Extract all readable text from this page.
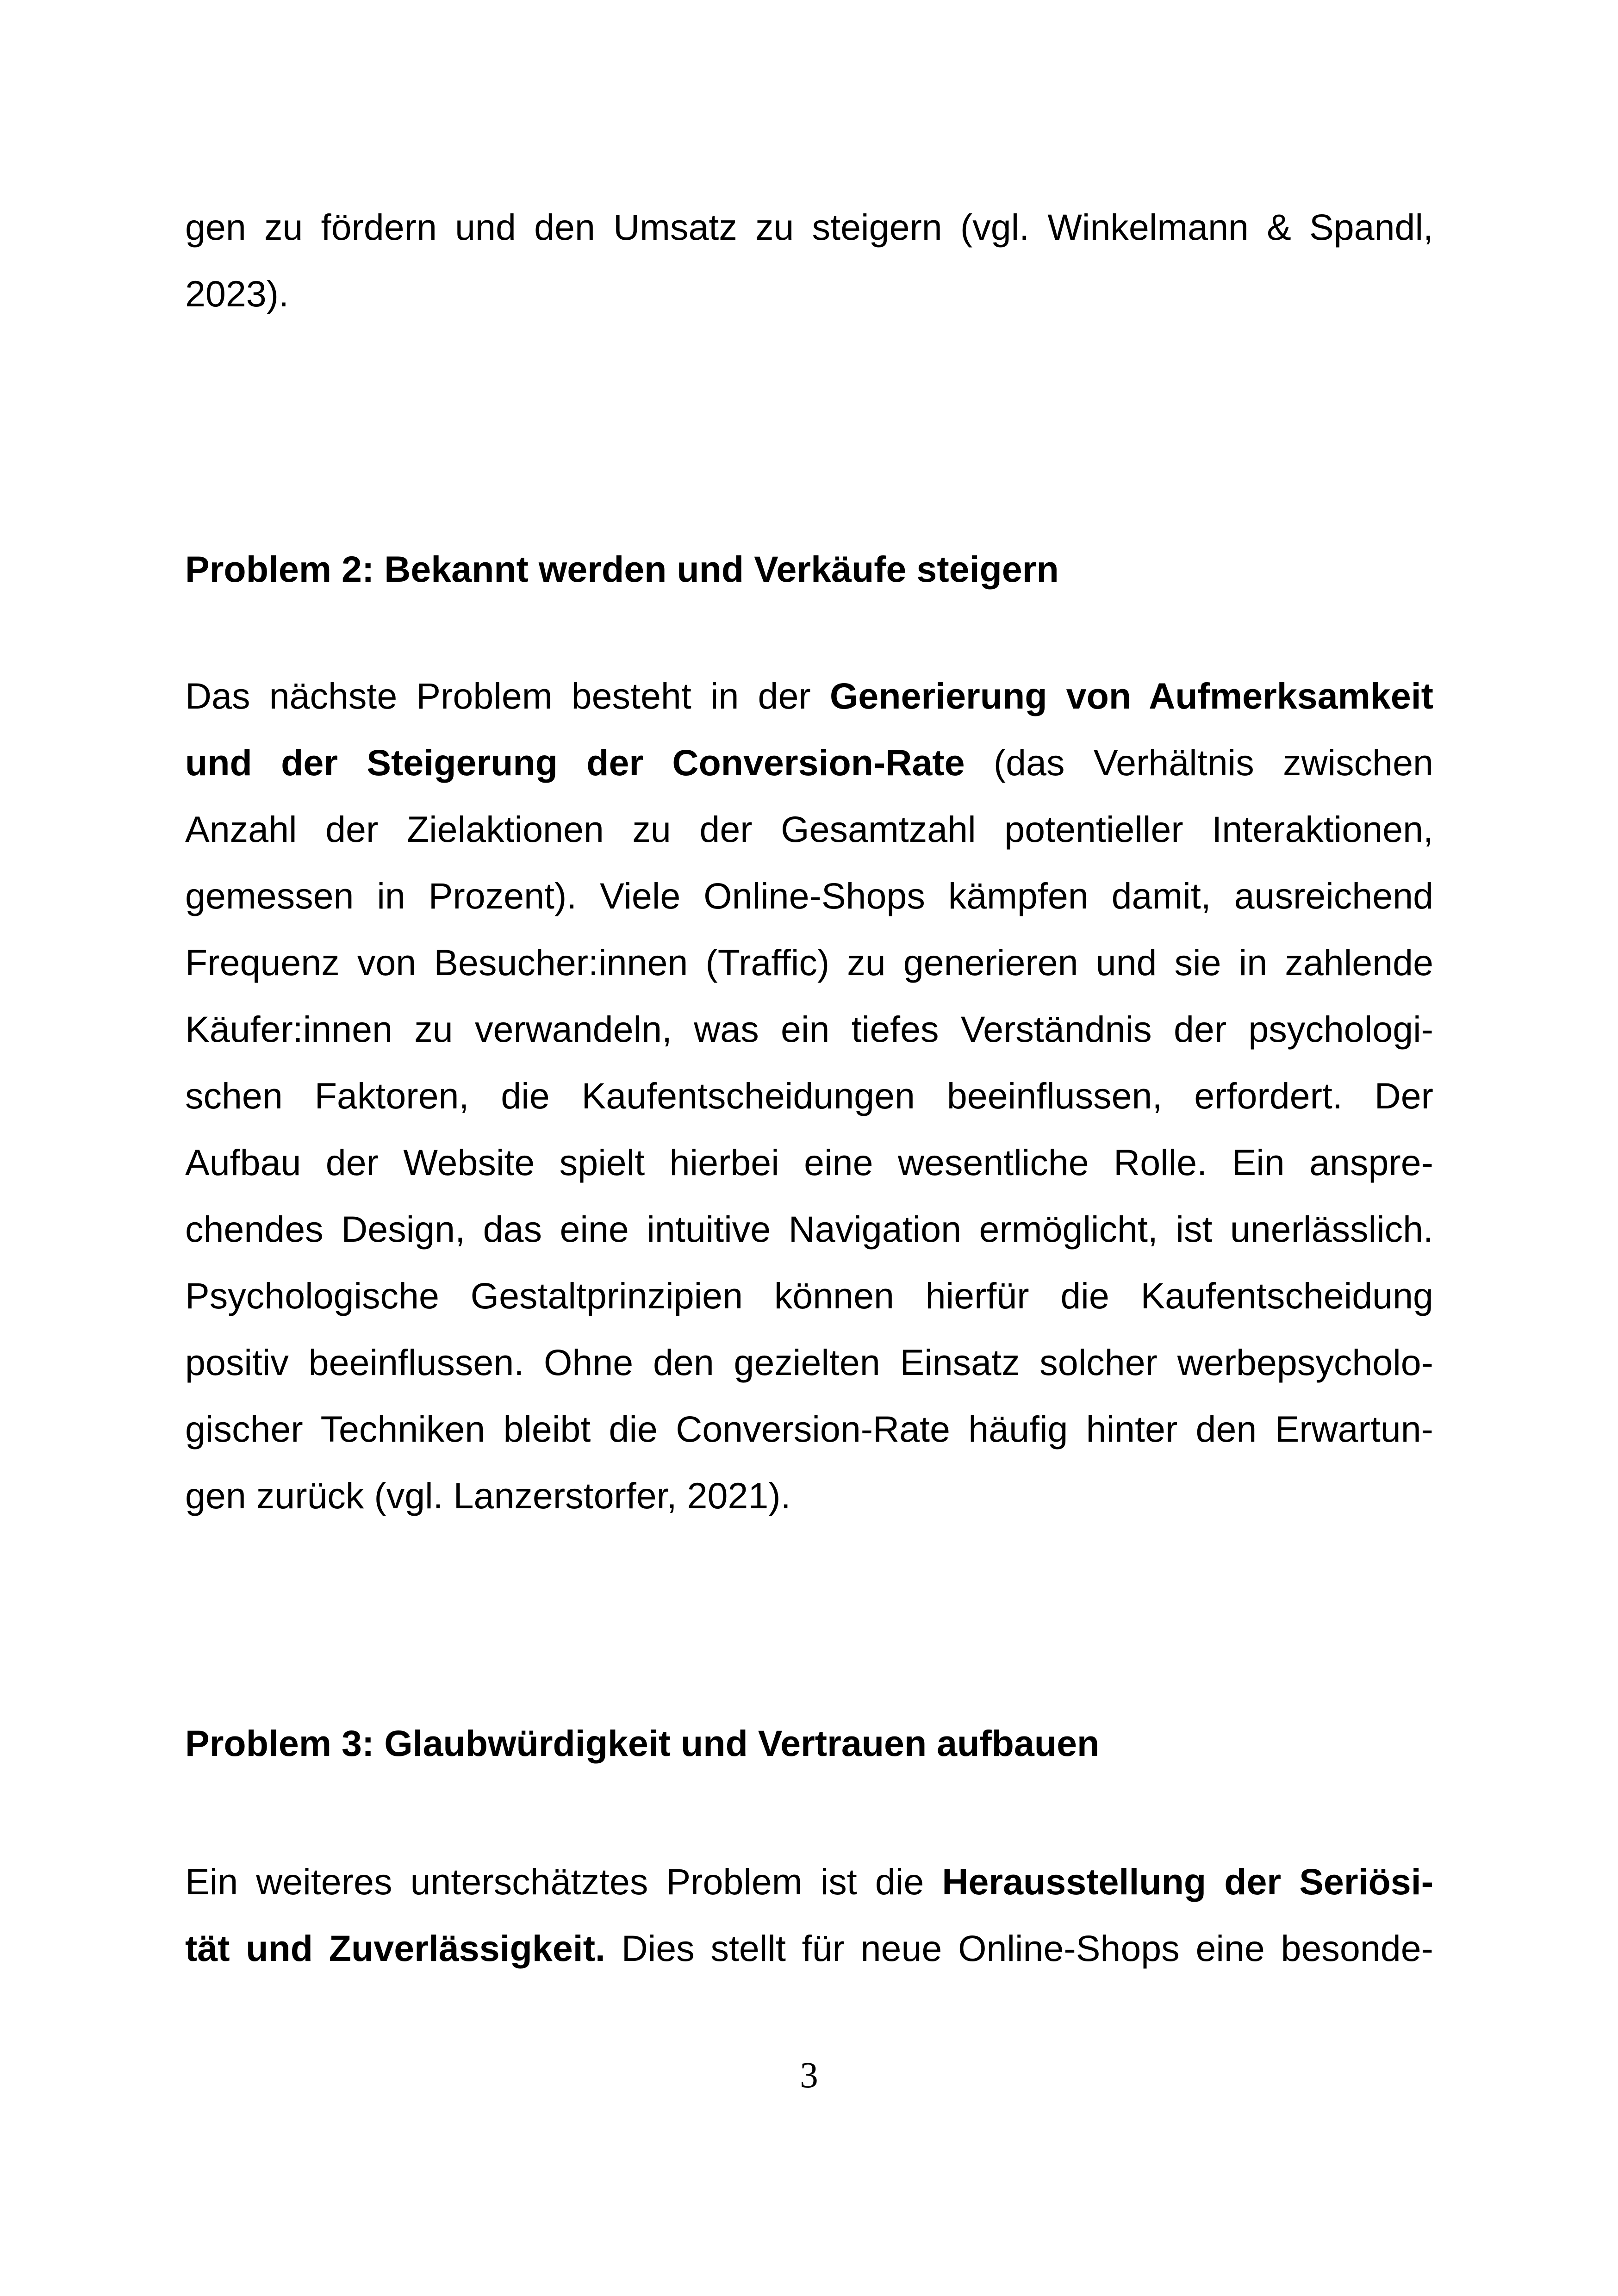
gen zu fördern und den Umsatz zu steigern (vgl. Winkelmann & Spandl,
2023).
Problem 2: Bekannt werden und Verkäufe steigern
Das nächste Problem besteht in der Generierung von Aufmerksamkeit
und der Steigerung der Conversion-Rate (das Verhältnis zwischen
Anzahl der Zielaktionen zu der Gesamtzahl potentieller Interaktionen,
gemessen in Prozent). Viele Online-Shops kämpfen damit, ausreichend
Frequenz von Besucher:innen (Traffic) zu generieren und sie in zahlende
Käufer:innen zu verwandeln, was ein tiefes Verständnis der psychologi-
schen Faktoren, die Kaufentscheidungen beeinflussen, erfordert. Der
Aufbau der Website spielt hierbei eine wesentliche Rolle. Ein anspre-
chendes Design, das eine intuitive Navigation ermöglicht, ist unerlässlich.
Psychologische Gestaltprinzipien können hierfür die Kaufentscheidung
positiv beeinflussen. Ohne den gezielten Einsatz solcher werbepsycholo-
gischer Techniken bleibt die Conversion-Rate häufig hinter den Erwartun-
gen zurück (vgl. Lanzerstorfer, 2021).
Problem 3: Glaubwürdigkeit und Vertrauen aufbauen
Ein weiteres unterschätztes Problem ist die Herausstellung der Seriösi-
tät und Zuverlässigkeit. Dies stellt für neue Online-Shops eine besonde-
3
